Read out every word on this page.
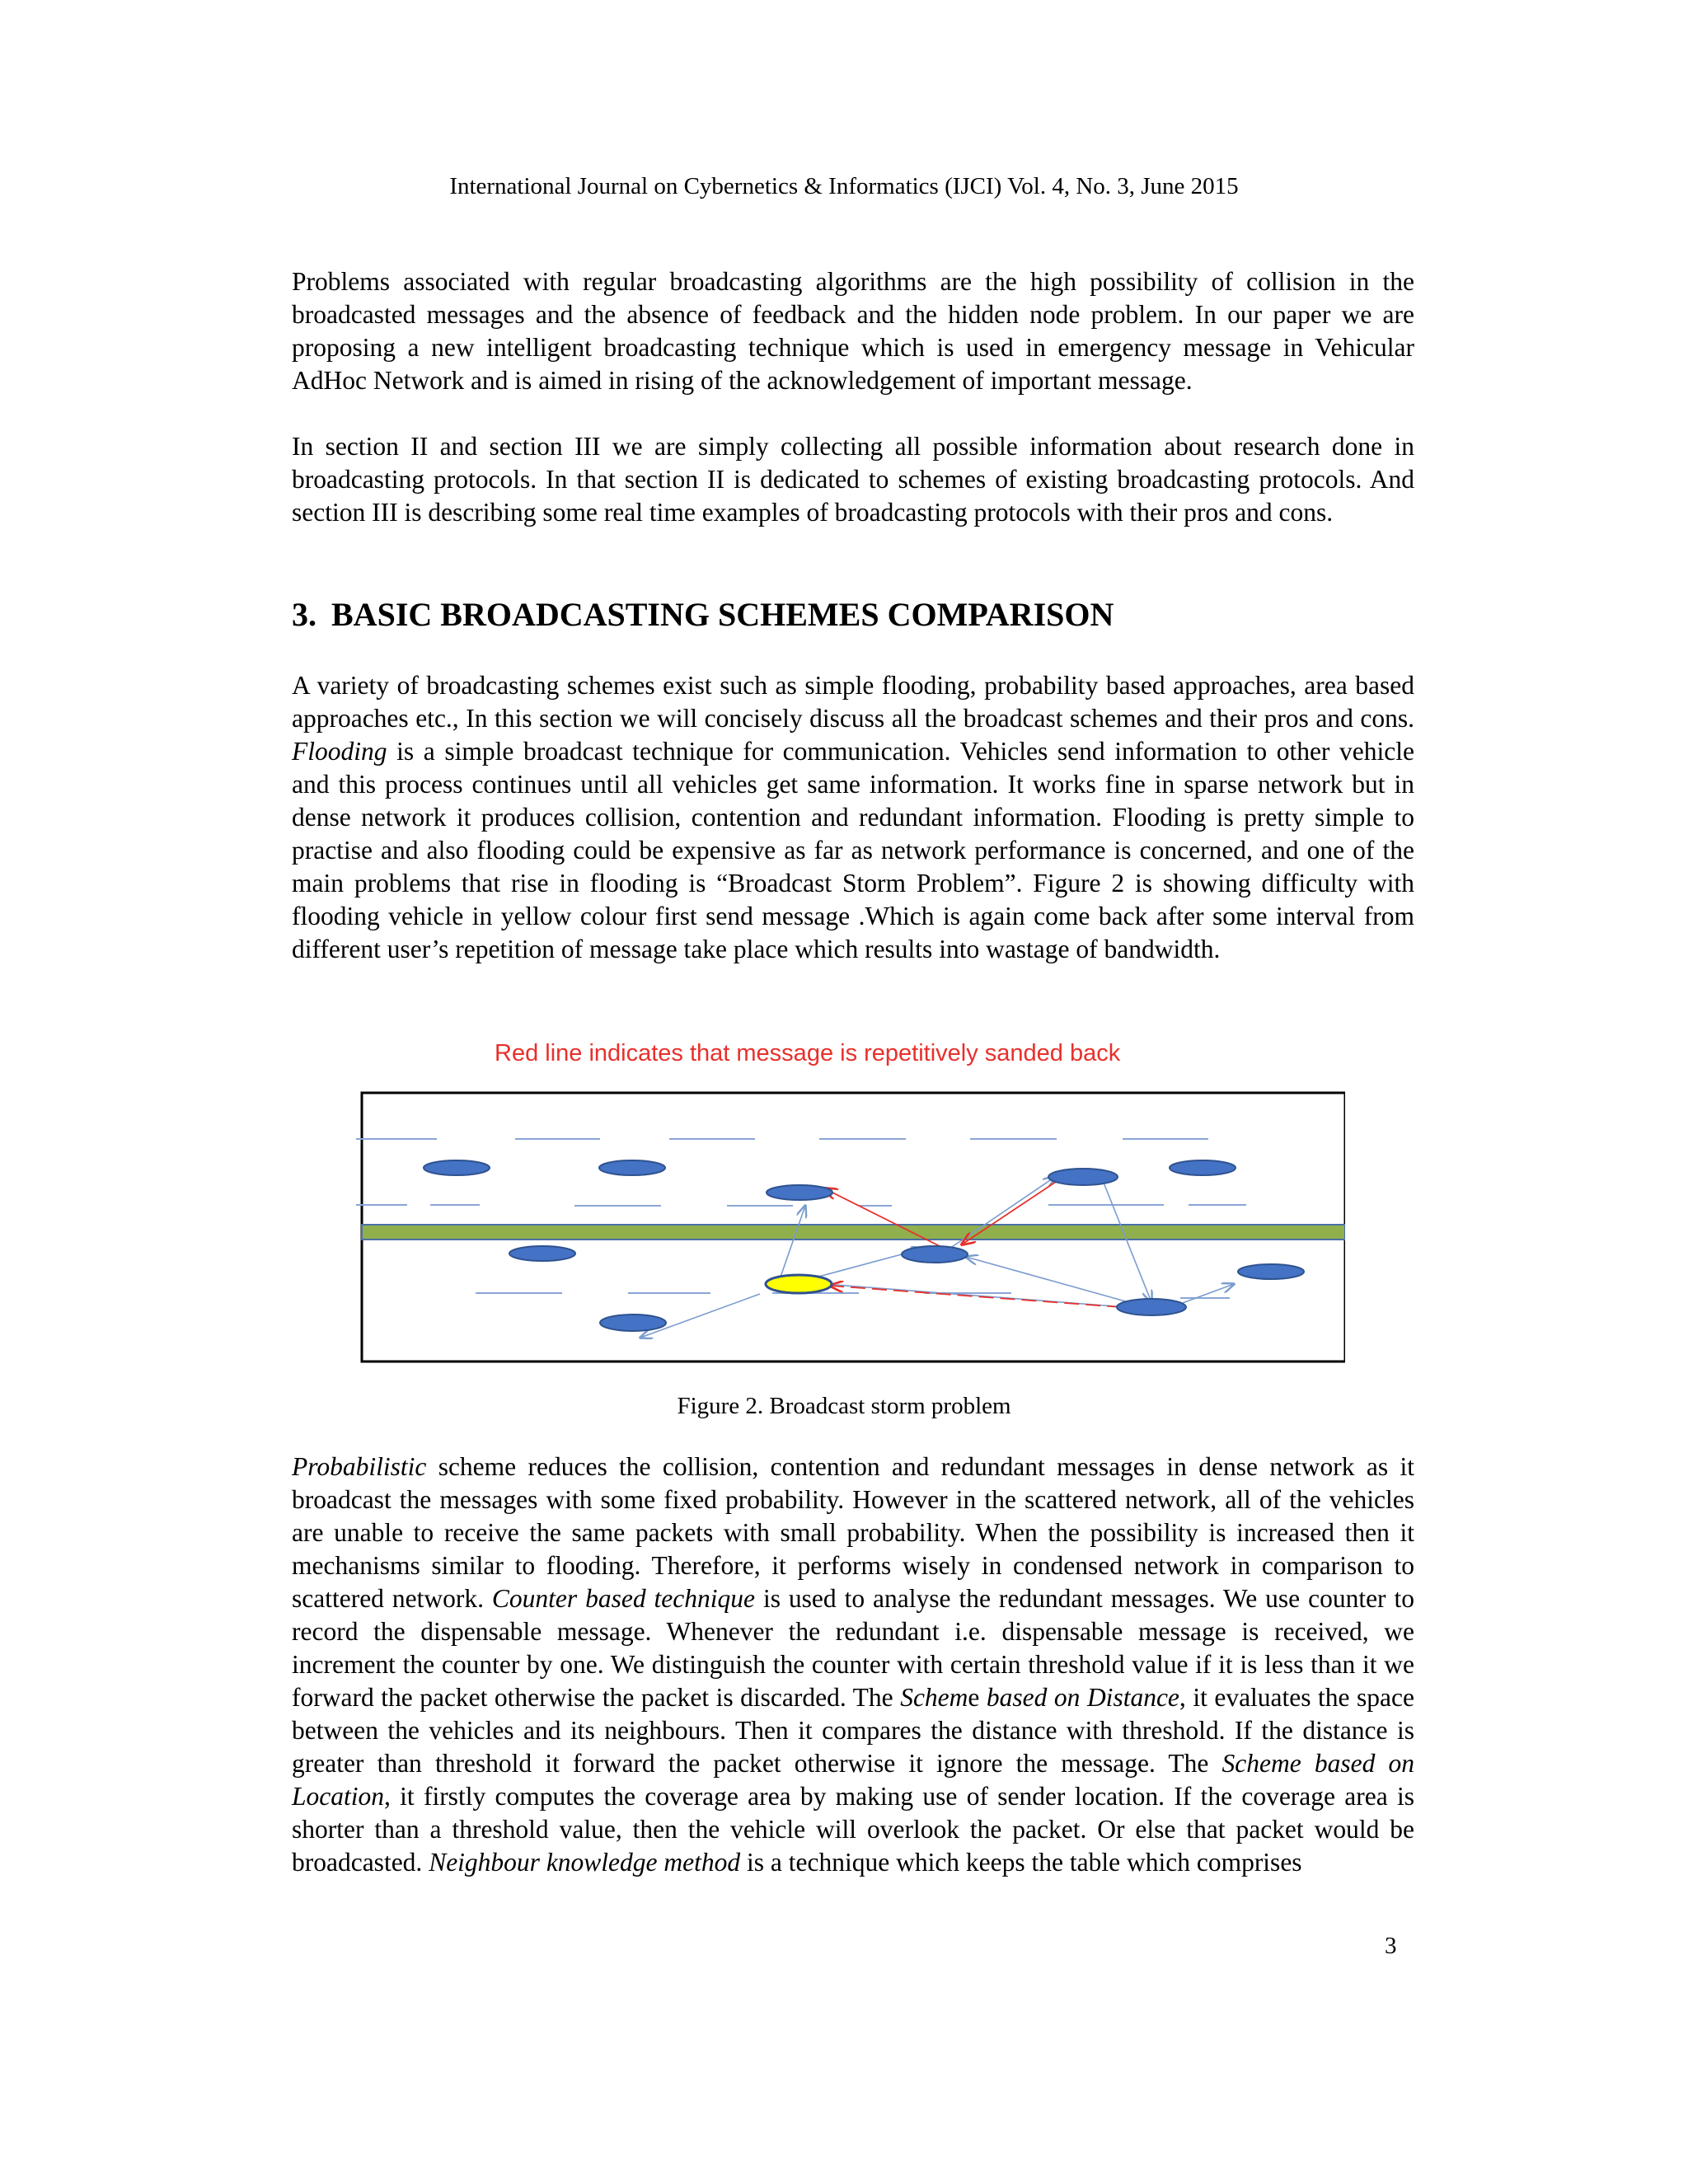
International Journal on Cybernetics & Informatics (IJCI) Vol. 4, No. 3, June 2015

Problems associated with regular broadcasting algorithms are the high possibility of collision in the broadcasted messages and the absence of feedback and the hidden node problem. In our paper we are proposing a new intelligent broadcasting technique which is used in emergency message in Vehicular AdHoc Network and is aimed in rising of the acknowledgement of important message.

In section II and section III we are simply collecting all possible information about research done in broadcasting protocols. In that section II is dedicated to schemes of existing broadcasting protocols. And section III is describing some real time examples of broadcasting protocols with their pros and cons.

3. BASIC BROADCASTING SCHEMES COMPARISON

A variety of broadcasting schemes exist such as simple flooding, probability based approaches, area based approaches etc., In this section we will concisely discuss all the broadcast schemes and their pros and cons. Flooding is a simple broadcast technique for communication. Vehicles send information to other vehicle and this process continues until all vehicles get same information. It works fine in sparse network but in dense network it produces collision, contention and redundant information. Flooding is pretty simple to practise and also flooding could be expensive as far as network performance is concerned, and one of the main problems that rise in flooding is “Broadcast Storm Problem”. Figure 2 is showing difficulty with flooding vehicle in yellow colour first send message .Which is again come back after some interval from different user’s repetition of message take place which results into wastage of bandwidth.

Red line indicates that message is repetitively sanded back
Figure 2. Broadcast storm problem

Probabilistic scheme reduces the collision, contention and redundant messages in dense network as it broadcast the messages with some fixed probability. However in the scattered network, all of the vehicles are unable to receive the same packets with small probability. When the possibility is increased then it mechanisms similar to flooding. Therefore, it performs wisely in condensed network in comparison to scattered network. Counter based technique is used to analyse the redundant messages. We use counter to record the dispensable message. Whenever the redundant i.e. dispensable message is received, we increment the counter by one. We distinguish the counter with certain threshold value if it is less than it we forward the packet otherwise the packet is discarded. The Scheme based on Distance, it evaluates the space between the vehicles and its neighbours. Then it compares the distance with threshold. If the distance is greater than threshold it forward the packet otherwise it ignore the message. The Scheme based on Location, it firstly computes the coverage area by making use of sender location. If the coverage area is shorter than a threshold value, then the vehicle will overlook the packet. Or else that packet would be broadcasted. Neighbour knowledge method is a technique which keeps the table which comprises

3
